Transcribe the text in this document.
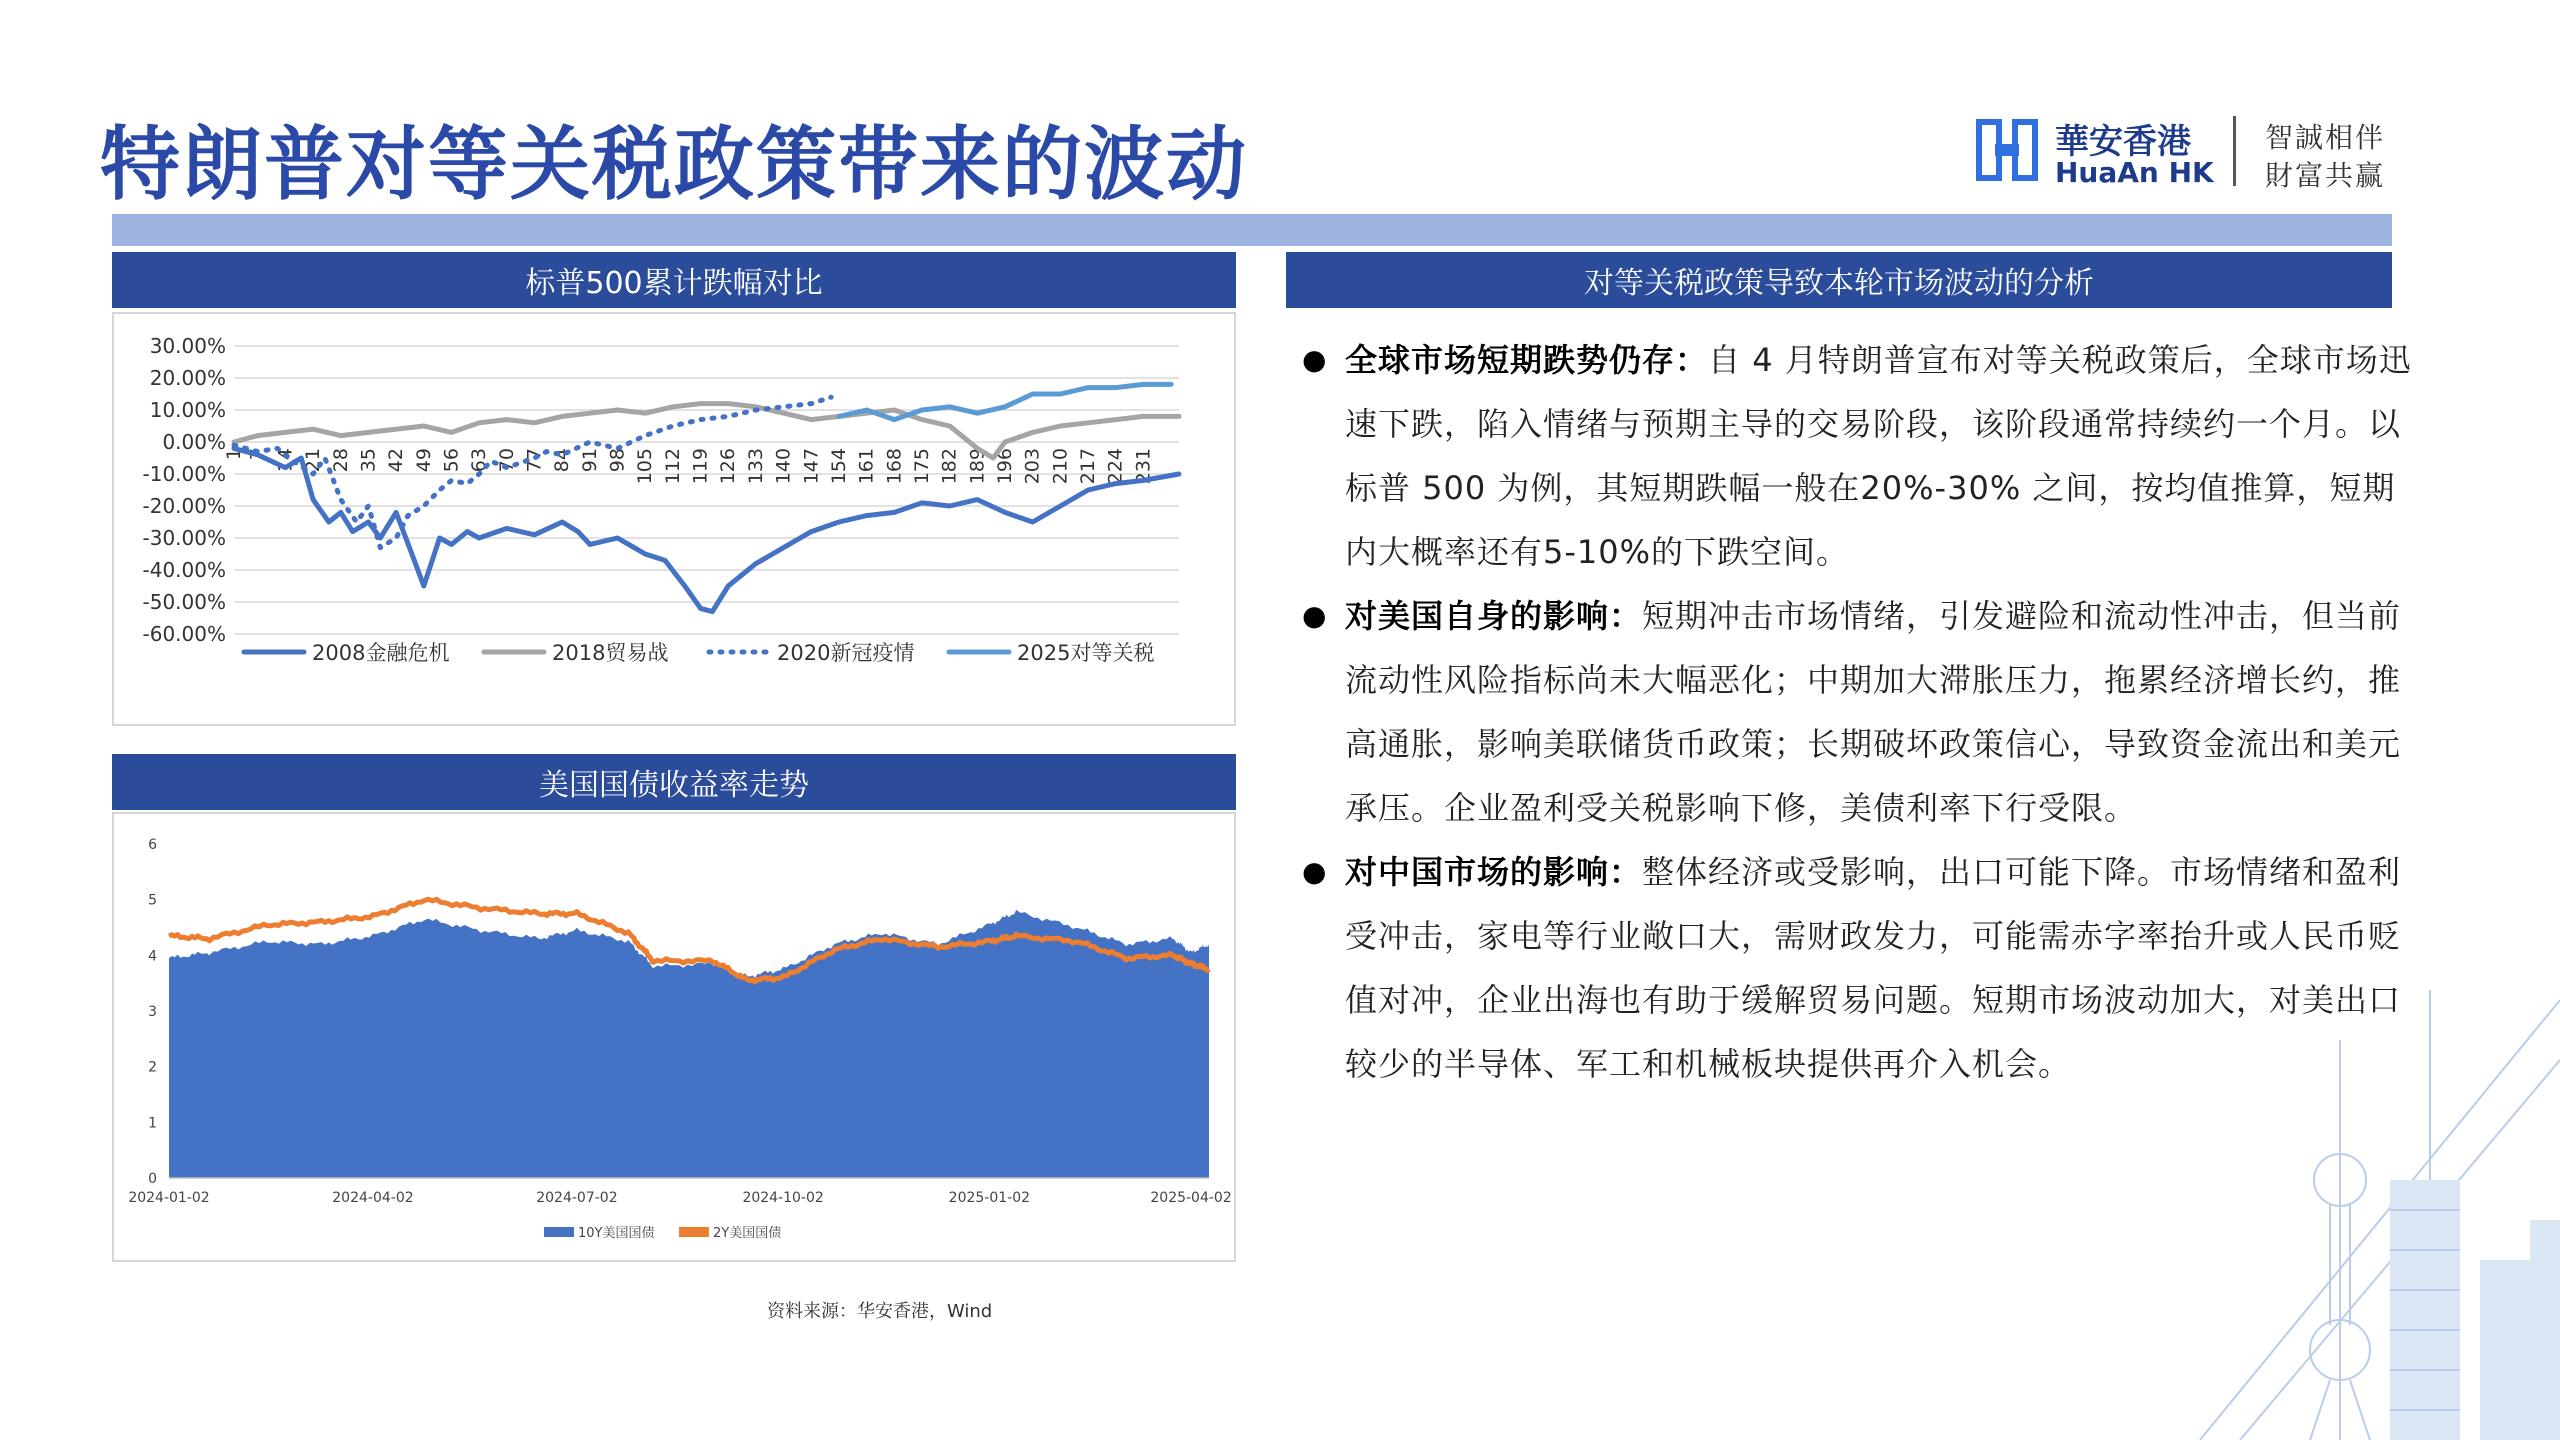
特朗普对等关税政策带来的波动	華安香港
HuaAn HK
智誠相伴
財富共赢
标普500累计跌幅对比
美国国债收益率走势
对等关税政策导致本轮市场波动的分析
30.00%
20.00%
10.00%
0.00%
-10.00%
-20.00%
-30.00%
-40.00%
-50.00%
-60.00%
1 7 14 21 28 35 42 49 56 63 70 77 84 91 98 105 112 119 126 133 140 147 154 161 168 175 182 189 196 203 210 217 224 231
2008金融危机	2018贸易战	2020新冠疫情	2025对等关税
6
5
4
3
2
1
0
2024-01-02	2024-04-02	2024-07-02	2024-10-02	2025-01-02	2025-04-02
10Y美国国债	2Y美国国债
资料来源：华安香港，Wind
● 全球市场短期跌势仍存：自 4 月特朗普宣布对等关税政策后，全球市场迅速下跌，陷入情绪与预期主导的交易阶段，该阶段通常持续约一个月。以标普 500 为例，其短期跌幅一般在20%-30% 之间，按均值推算，短期内大概率还有5-10%的下跌空间。
● 对美国自身的影响：短期冲击市场情绪，引发避险和流动性冲击，但当前流动性风险指标尚未大幅恶化；中期加大滞胀压力，拖累经济增长约，推高通胀，影响美联储货币政策；长期破坏政策信心，导致资金流出和美元承压。企业盈利受关税影响下修，美债利率下行受限。
● 对中国市场的影响：整体经济或受影响，出口可能下降。市场情绪和盈利受冲击，家电等行业敞口大，需财政发力，可能需赤字率抬升或人民币贬值对冲，企业出海也有助于缓解贸易问题。短期市场波动加大，对美出口较少的半导体、军工和机械板块提供再介入机会。
